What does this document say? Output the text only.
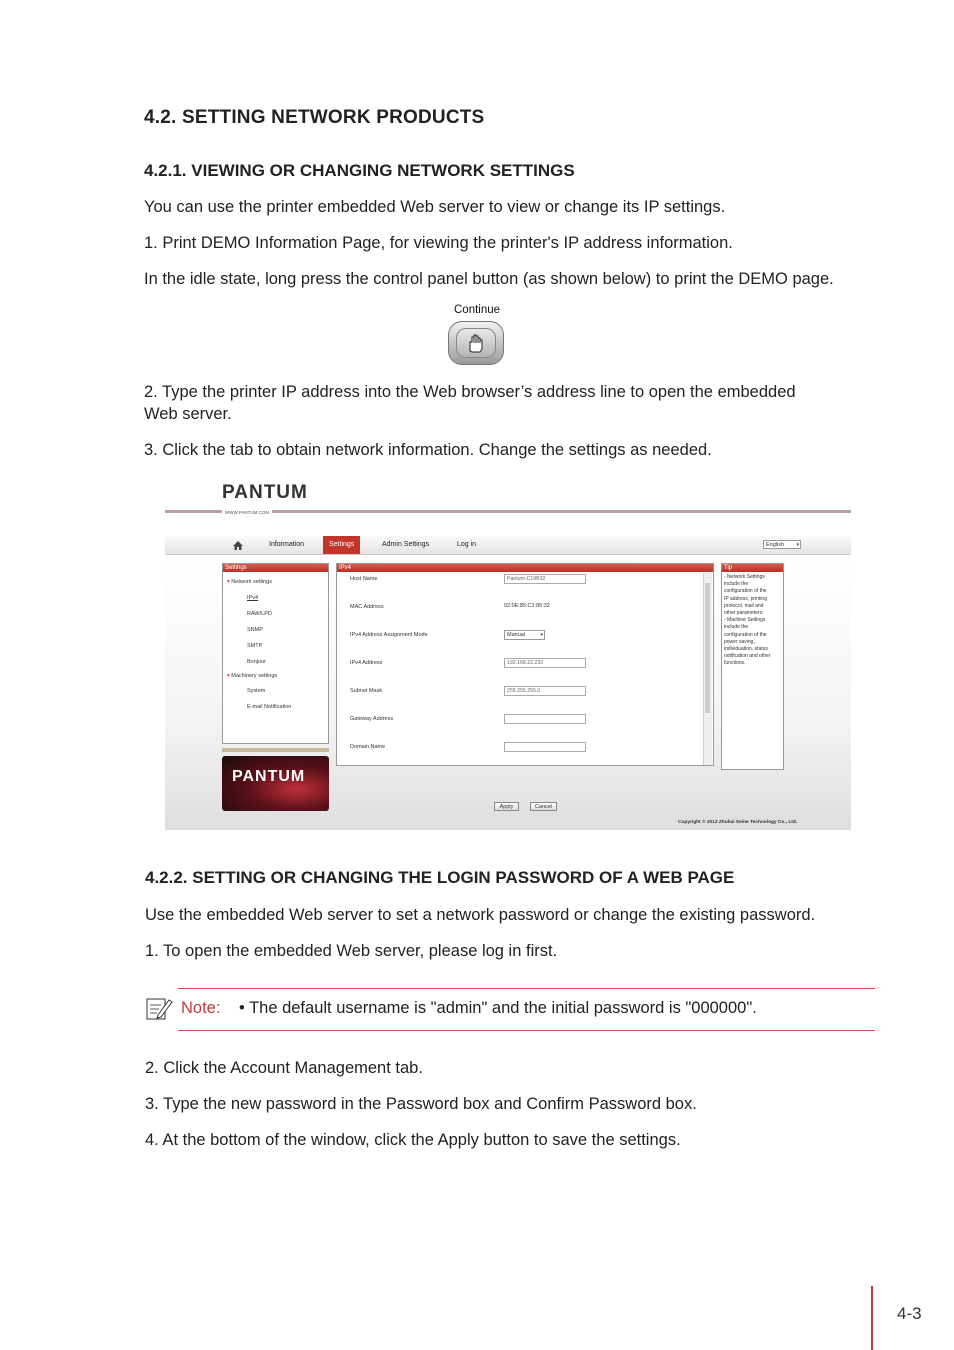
4.2. SETTING NETWORK PRODUCTS
4.2.1. VIEWING OR CHANGING NETWORK SETTINGS
You can use the printer embedded Web server to view or change its IP settings.
1. Print DEMO Information Page, for viewing the printer's IP address information.
In the idle state, long press the control panel button (as shown below) to print the DEMO page.
Continue
2. Type the printer IP address into the Web browser’s address line to open the embedded
Web server.
3. Click the tab to obtain network information. Change the settings as needed.
PANTUM
WWW.PANTUM.COM
Information	Settings	Admin Settings	Log in	English ▾
Settings
▾ Network settings
IPv4
RAW/LPD
SNMP
SMTP
Bonjour
▾ Machinery settings
System
E-mail Notification
PANTUM
IPv4
Host Name	Pantum-C19B32
MAC Address	02:0E:85:C1:85:32
IPv4 Address Assignment Mode	Manual	▾
IPv4 Address	192.168.22.233
Subnet Mask	255.255.255.0
Gateway Address
Domain Name
Tip
- Network Settings
include the
configuration of the
IP address, printing
protocol, mail and
other parameters;
- Machine Settings
include the
configuration of the
power saving,
individuation, status
notification and other
functions.
Apply	Cancel
Copyright © 2012 Zhuhai Seine Technology Co., Ltd.
4.2.2. SETTING OR CHANGING THE LOGIN PASSWORD OF A WEB PAGE
Use the embedded Web server to set a network password or change the existing password.
1. To open the embedded Web server, please log in first.
Note: • The default username is "admin" and the initial password is "000000".
2. Click the Account Management tab.
3. Type the new password in the Password box and Confirm Password box.
4. At the bottom of the window, click the Apply button to save the settings.
4-3
